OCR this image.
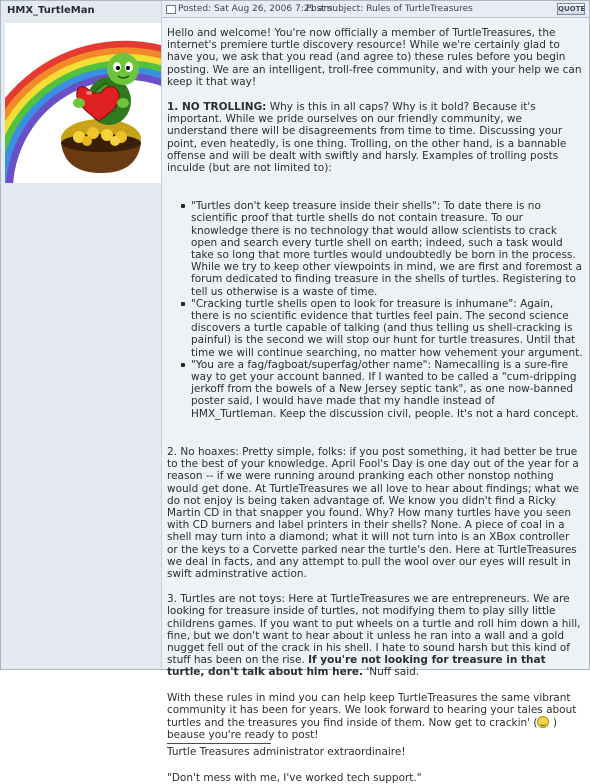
HMX_TurtleMan	Posted: Sat Aug 26, 2006 7:21 am
Post subject: Rules of TurtleTreasures	QUOTE

Hello and welcome! You're now officially a member of TurtleTreasures, the internet's premiere turtle discovery resource! While we're certainly glad to have you, we ask that you read (and agree to) these rules before you begin posting. We are an intelligent, troll-free community, and with your help we can keep it that way!

1. NO TROLLING: Why is this in all caps? Why is it bold? Because it's important. While we pride ourselves on our friendly community, we understand there will be disagreements from time to time. Discussing your point, even heatedly, is one thing. Trolling, on the other hand, is a bannable offense and will be dealt with swiftly and harsly. Examples of trolling posts inculde (but are not limited to):

"Turtles don't keep treasure inside their shells": To date there is no scientific proof that turtle shells do not contain treasure. To our knowledge there is no technology that would allow scientists to crack open and search every turtle shell on earth; indeed, such a task would take so long that more turtles would undoubtedly be born in the process. While we try to keep other viewpoints in mind, we are first and foremost a forum dedicated to finding treasure in the shells of turtles. Registering to tell us otherwise is a waste of time.
"Cracking turtle shells open to look for treasure is inhumane": Again, there is no scientific evidence that turtles feel pain. The second science discovers a turtle capable of talking (and thus telling us shell-cracking is painful) is the second we will stop our hunt for turtle treasures. Until that time we will continue searching, no matter how vehement your argument.
"You are a fag/fagboat/superfag/other name": Namecalling is a sure-fire way to get your account banned. If I wanted to be called a "cum-dripping jerkoff from the bowels of a New Jersey septic tank", as one now-banned poster said, I would have made that my handle instead of HMX_Turtleman. Keep the discussion civil, people. It's not a hard concept.

2. No hoaxes: Pretty simple, folks: if you post something, it had better be true to the best of your knowledge. April Fool's Day is one day out of the year for a reason -- if we were running around pranking each other nonstop nothing would get done. At TurtleTreasures we all love to hear about findings; what we do not enjoy is being taken advantage of. We know you didn't find a Ricky Martin CD in that snapper you found. Why? How many turtles have you seen with CD burners and label printers in their shells? None. A piece of coal in a shell may turn into a diamond; what it will not turn into is an XBox controller or the keys to a Corvette parked near the turtle's den. Here at TurtleTreasures we deal in facts, and any attempt to pull the wool over our eyes will result in swift adminstrative action.

3. Turtles are not toys: Here at TurtleTreasures we are entrepreneurs. We are looking for treasure inside of turtles, not modifying them to play silly little childrens games. If you want to put wheels on a turtle and roll him down a hill, fine, but we don't want to hear about it unless he ran into a wall and a gold nugget fell out of the crack in his shell. I hate to sound harsh but this kind of stuff has been on the rise. If you're not looking for treasure in that turtle, don't talk about him here. 'Nuff said.

With these rules in mind you can help keep TurtleTreasures the same vibrant community it has been for years. We look forward to hearing your tales about turtles and the treasures you find inside of them. Now get to crackin' ( ) beause you're ready to post!

Turtle Treasures administrator extraordinaire!

"Don't mess with me, I've worked tech support."
